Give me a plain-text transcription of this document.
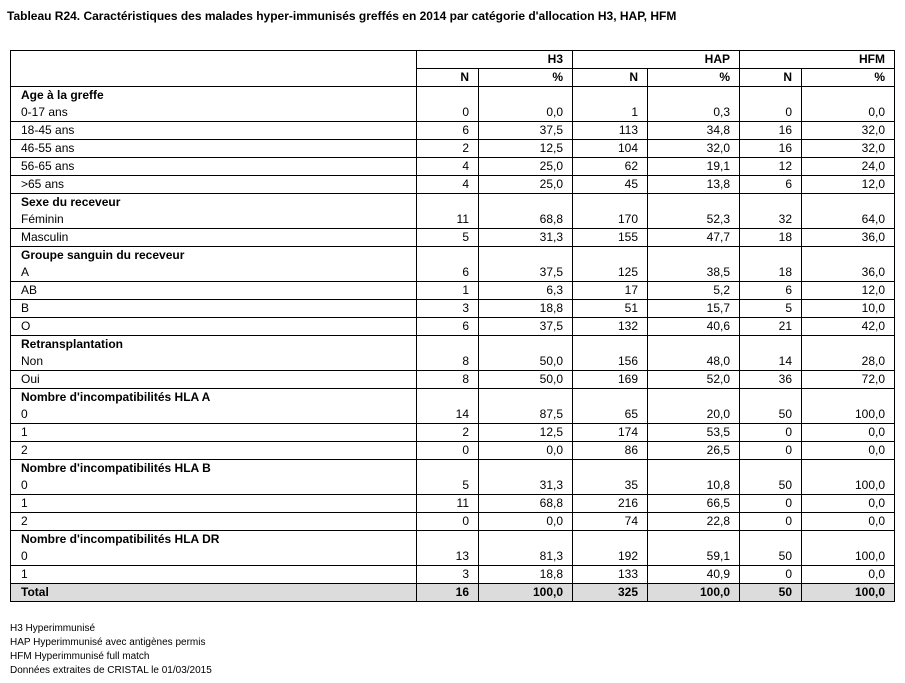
Tableau R24. Caractéristiques des malades hyper-immunisés greffés en 2014 par catégorie d'allocation H3, HAP, HFM
	H3		HAP		HFM	
	N	%	N	%	N	%
Age à la greffe						
0-17 ans	0	0,0	1	0,3	0	0,0
18-45 ans	6	37,5	113	34,8	16	32,0
46-55 ans	2	12,5	104	32,0	16	32,0
56-65 ans	4	25,0	62	19,1	12	24,0
>65 ans	4	25,0	45	13,8	6	12,0
Sexe du receveur						
Féminin	11	68,8	170	52,3	32	64,0
Masculin	5	31,3	155	47,7	18	36,0
Groupe sanguin du receveur						
A	6	37,5	125	38,5	18	36,0
AB	1	6,3	17	5,2	6	12,0
B	3	18,8	51	15,7	5	10,0
O	6	37,5	132	40,6	21	42,0
Retransplantation						
Non	8	50,0	156	48,0	14	28,0
Oui	8	50,0	169	52,0	36	72,0
Nombre d'incompatibilités HLA A						
0	14	87,5	65	20,0	50	100,0
1	2	12,5	174	53,5	0	0,0
2	0	0,0	86	26,5	0	0,0
Nombre d'incompatibilités HLA B						
0	5	31,3	35	10,8	50	100,0
1	11	68,8	216	66,5	0	0,0
2	0	0,0	74	22,8	0	0,0
Nombre d'incompatibilités HLA DR						
0	13	81,3	192	59,1	50	100,0
1	3	18,8	133	40,9	0	0,0
Total	16	100,0	325	100,0	50	100,0
H3 Hyperimmunisé
HAP Hyperimmunisé avec antigènes permis
HFM Hyperimmunisé full match
Données extraites de CRISTAL le 01/03/2015
